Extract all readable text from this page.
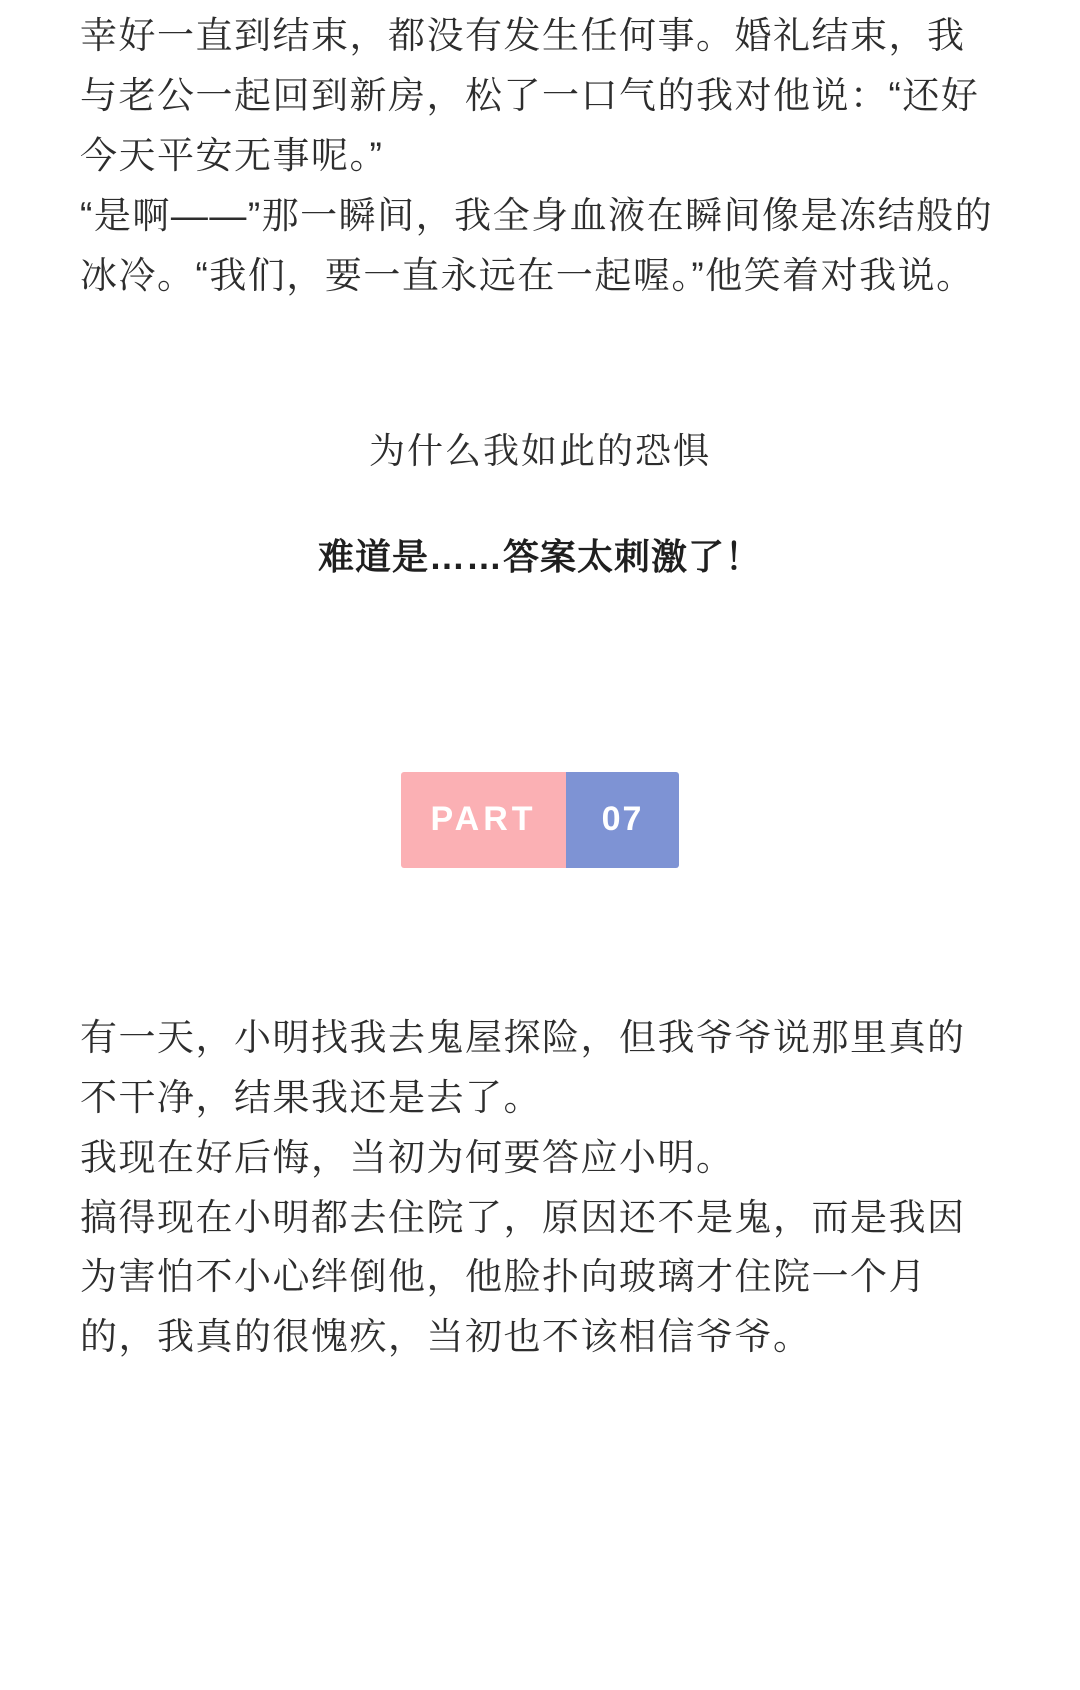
幸好一直到结束，都没有发生任何事。婚礼结束，我与老公一起回到新房，松了一口气的我对他说：“还好今天平安无事呢。”

“是啊——”那一瞬间，我全身血液在瞬间像是冻结般的冰冷。“我们，要一直永远在一起喔。”他笑着对我说。

为什么我如此的恐惧
难道是……答案太刺激了！
PART	07

有一天，小明找我去鬼屋探险，但我爷爷说那里真的不干净，结果我还是去了。

我现在好后悔，当初为何要答应小明。

搞得现在小明都去住院了，原因还不是鬼，而是我因为害怕不小心绊倒他，他脸扑向玻璃才住院一个月的，我真的很愧疚，当初也不该相信爷爷。
